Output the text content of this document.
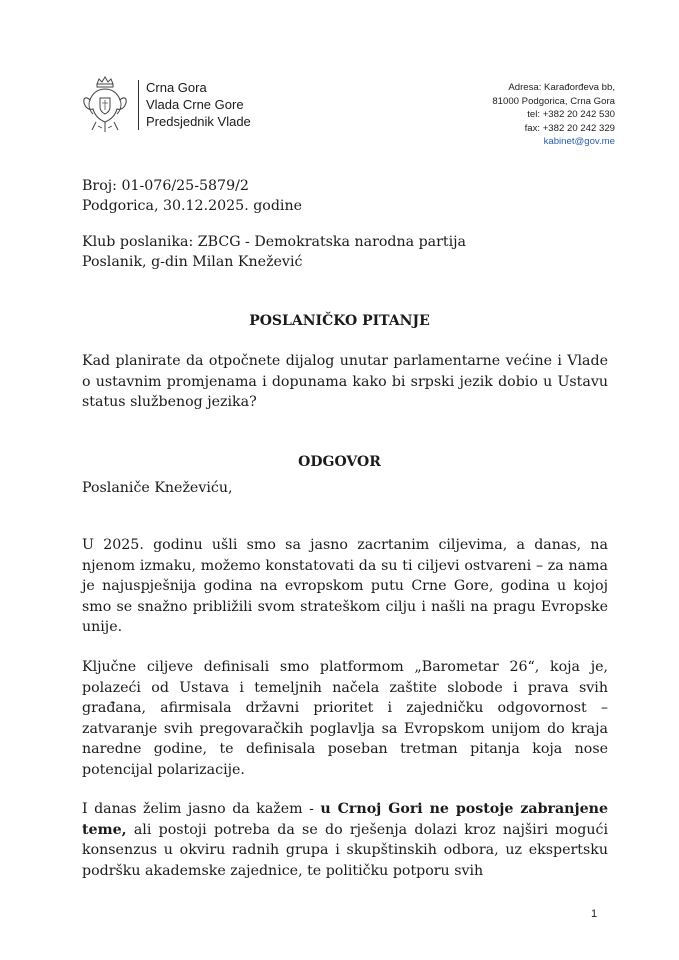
Crna Gora
Vlada Crne Gore
Predsjednik Vlade
Adresa: Karađorđeva bb,
81000 Podgorica, Crna Gora
tel: +382 20 242 530
fax: +382 20 242 329
kabinet@gov.me
Broj: 01-076/25-5879/2
Podgorica, 30.12.2025. godine
Klub poslanika: ZBCG - Demokratska narodna partija
Poslanik, g-din Milan Knežević
POSLANIČKO PITANJE
Kad planirate da otpočnete dijalog unutar parlamentarne većine i Vlade o ustavnim promjenama i dopunama kako bi srpski jezik dobio u Ustavu status službenog jezika?
ODGOVOR
Poslaniče Kneževiću,
U 2025. godinu ušli smo sa jasno zacrtanim ciljevima, a danas, na njenom izmaku, možemo konstatovati da su ti ciljevi ostvareni – za nama je najuspješnija godina na evropskom putu Crne Gore, godina u kojoj smo se snažno približili svom strateškom cilju i našli na pragu Evropske unije.
Ključne ciljeve definisali smo platformom „Barometar 26“, koja je, polazeći od Ustava i temeljnih načela zaštite slobode i prava svih građana, afirmisala državni prioritet i zajedničku odgovornost – zatvaranje svih pregovaračkih poglavlja sa Evropskom unijom do kraja naredne godine, te definisala poseban tretman pitanja koja nose potencijal polarizacije.
I danas želim jasno da kažem - u Crnoj Gori ne postoje zabranjene teme, ali postoji potreba da se do rješenja dolazi kroz najširi mogući konsenzus u okviru radnih grupa i skupštinskih odbora, uz ekspertsku podršku akademske zajednice, te političku potporu svih
1
